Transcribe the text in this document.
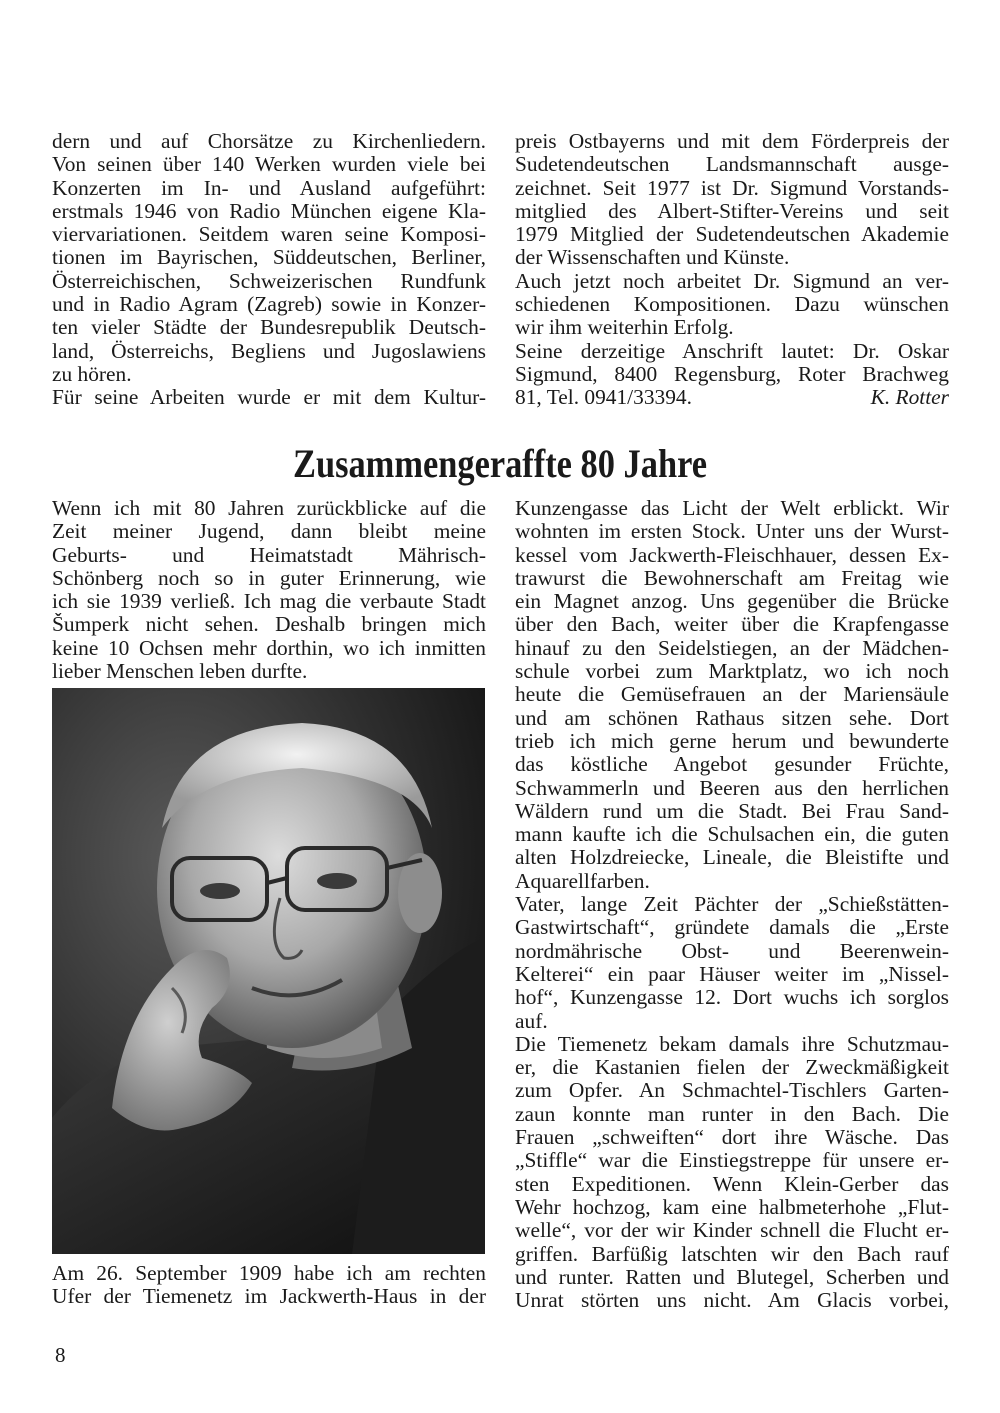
dern und auf Chorsätze zu Kirchenliedern.
Von seinen über 140 Werken wurden viele bei
Konzerten im In- und Ausland aufgeführt:
erstmals 1946 von Radio München eigene Kla-
viervariationen. Seitdem waren seine Komposi-
tionen im Bayrischen, Süddeutschen, Berliner,
Österreichischen, Schweizerischen Rundfunk
und in Radio Agram (Zagreb) sowie in Konzer-
ten vieler Städte der Bundesrepublik Deutsch-
land, Österreichs, Begliens und Jugoslawiens
zu hören.
Für seine Arbeiten wurde er mit dem Kultur-
preis Ostbayerns und mit dem Förderpreis der
Sudetendeutschen Landsmannschaft ausge-
zeichnet. Seit 1977 ist Dr. Sigmund Vorstands-
mitglied des Albert-Stifter-Vereins und seit
1979 Mitglied der Sudetendeutschen Akademie
der Wissenschaften und Künste.
Auch jetzt noch arbeitet Dr. Sigmund an ver-
schiedenen Kompositionen. Dazu wünschen
wir ihm weiterhin Erfolg.
Seine derzeitige Anschrift lautet: Dr. Oskar
Sigmund, 8400 Regensburg, Roter Brachweg
81, Tel. 0941/33394.	K. Rotter
Zusammengeraffte 80 Jahre
Wenn ich mit 80 Jahren zurückblicke auf die
Zeit meiner Jugend, dann bleibt meine
Geburts- und Heimatstadt Mährisch-
Schönberg noch so in guter Erinnerung, wie
ich sie 1939 verließ. Ich mag die verbaute Stadt
Šumperk nicht sehen. Deshalb bringen mich
keine 10 Ochsen mehr dorthin, wo ich inmitten
lieber Menschen leben durfte.
Am 26. September 1909 habe ich am rechten
Ufer der Tiemenetz im Jackwerth-Haus in der
Kunzengasse das Licht der Welt erblickt. Wir
wohnten im ersten Stock. Unter uns der Wurst-
kessel vom Jackwerth-Fleischhauer, dessen Ex-
trawurst die Bewohnerschaft am Freitag wie
ein Magnet anzog. Uns gegenüber die Brücke
über den Bach, weiter über die Krapfengasse
hinauf zu den Seidelstiegen, an der Mädchen-
schule vorbei zum Marktplatz, wo ich noch
heute die Gemüsefrauen an der Mariensäule
und am schönen Rathaus sitzen sehe. Dort
trieb ich mich gerne herum und bewunderte
das köstliche Angebot gesunder Früchte,
Schwammerln und Beeren aus den herrlichen
Wäldern rund um die Stadt. Bei Frau Sand-
mann kaufte ich die Schulsachen ein, die guten
alten Holzdreiecke, Lineale, die Bleistifte und
Aquarellfarben.
Vater, lange Zeit Pächter der „Schießstätten-
Gastwirtschaft“, gründete damals die „Erste
nordmährische Obst- und Beerenwein-
Kelterei“ ein paar Häuser weiter im „Nissel-
hof“, Kunzengasse 12. Dort wuchs ich sorglos
auf.
Die Tiemenetz bekam damals ihre Schutzmau-
er, die Kastanien fielen der Zweckmäßigkeit
zum Opfer. An Schmachtel-Tischlers Garten-
zaun konnte man runter in den Bach. Die
Frauen „schweiften“ dort ihre Wäsche. Das
„Stiffle“ war die Einstiegstreppe für unsere er-
sten Expeditionen. Wenn Klein-Gerber das
Wehr hochzog, kam eine halbmeterhohe „Flut-
welle“, vor der wir Kinder schnell die Flucht er-
griffen. Barfüßig latschten wir den Bach rauf
und runter. Ratten und Blutegel, Scherben und
Unrat störten uns nicht. Am Glacis vorbei,
8
